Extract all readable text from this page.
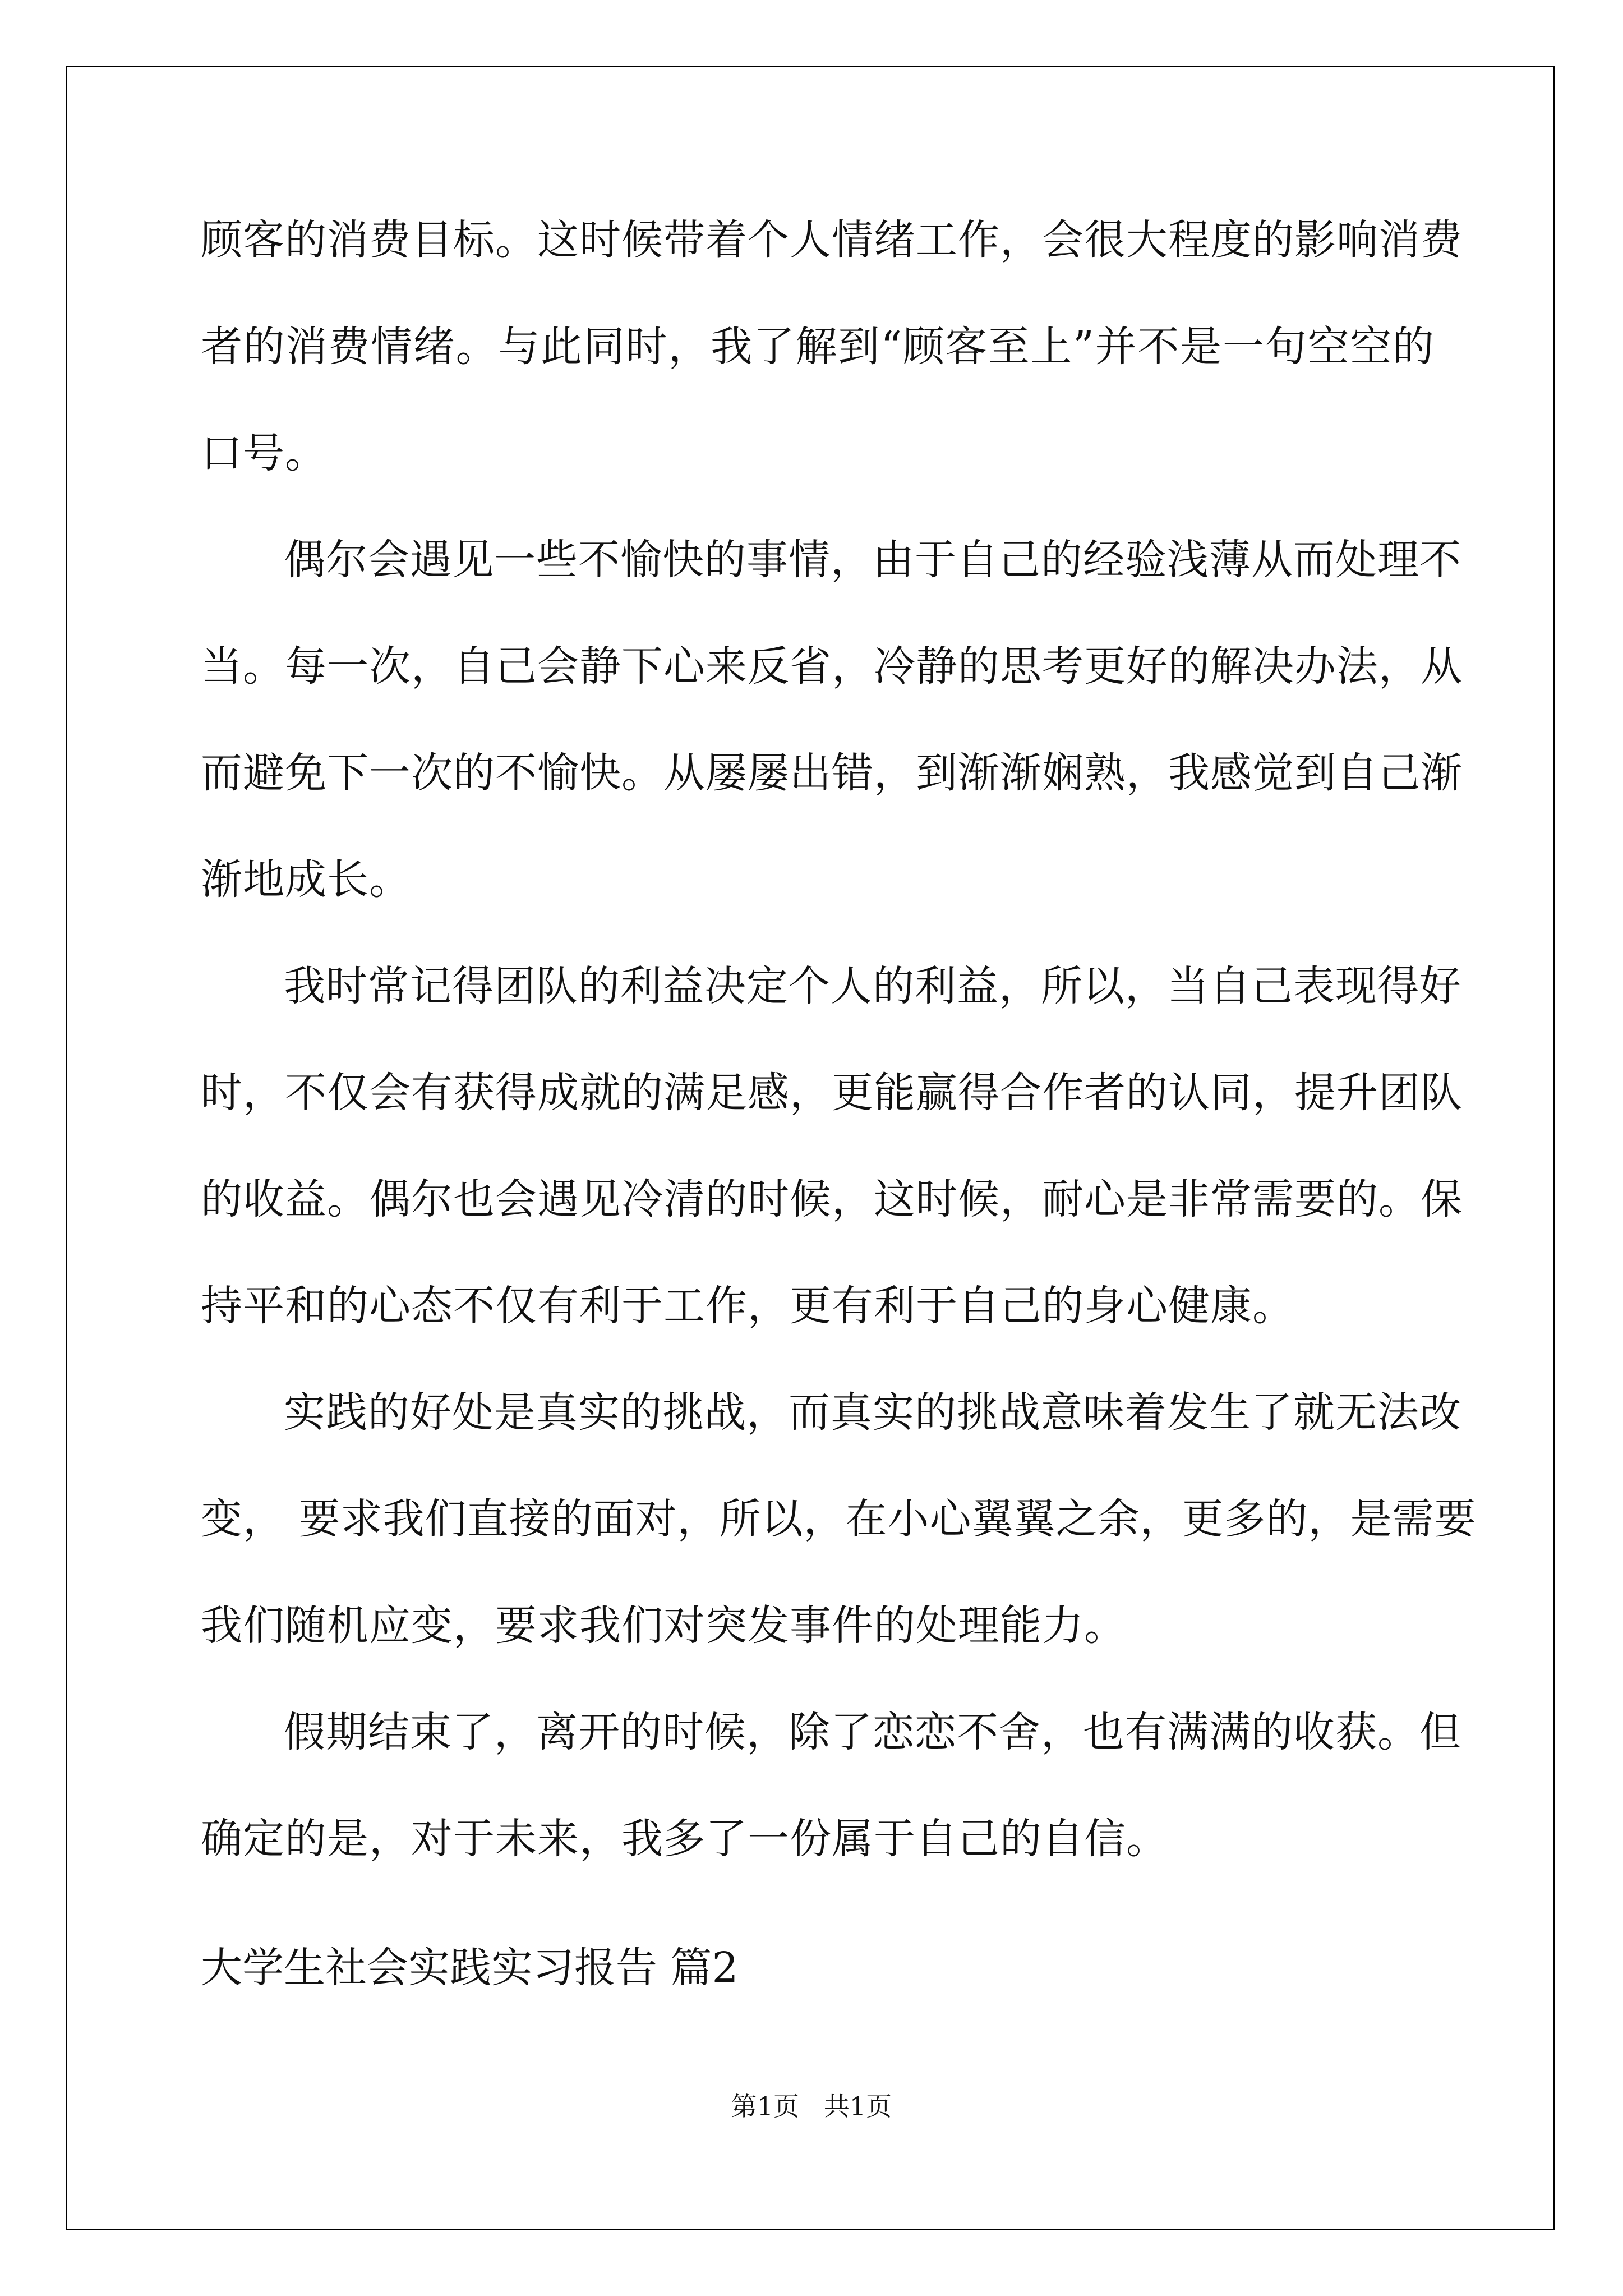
顾客的消费目标。这时候带着个人情绪工作，会很大程度的影响消费
者的消费情绪。与此同时，我了解到“顾客至上”并不是一句空空的
口号。
偶尔会遇见一些不愉快的事情，由于自己的经验浅薄从而处理不
当。每一次，自己会静下心来反省，冷静的思考更好的解决办法，从
而避免下一次的不愉快。从屡屡出错，到渐渐娴熟，我感觉到自己渐
渐地成长。
我时常记得团队的利益决定个人的利益，所以，当自己表现得好
时，不仅会有获得成就的满足感，更能赢得合作者的认同，提升团队
的收益。偶尔也会遇见冷清的时候，这时候，耐心是非常需要的。保
持平和的心态不仅有利于工作，更有利于自己的身心健康。
实践的好处是真实的挑战，而真实的挑战意味着发生了就无法改
变， 要求我们直接的面对，所以，在小心翼翼之余，更多的，是需要
我们随机应变，要求我们对突发事件的处理能力。
假期结束了，离开的时候，除了恋恋不舍，也有满满的收获。但
确定的是，对于未来，我多了一份属于自己的自信。
大学生社会实践实习报告 篇2
第1页   共1页
